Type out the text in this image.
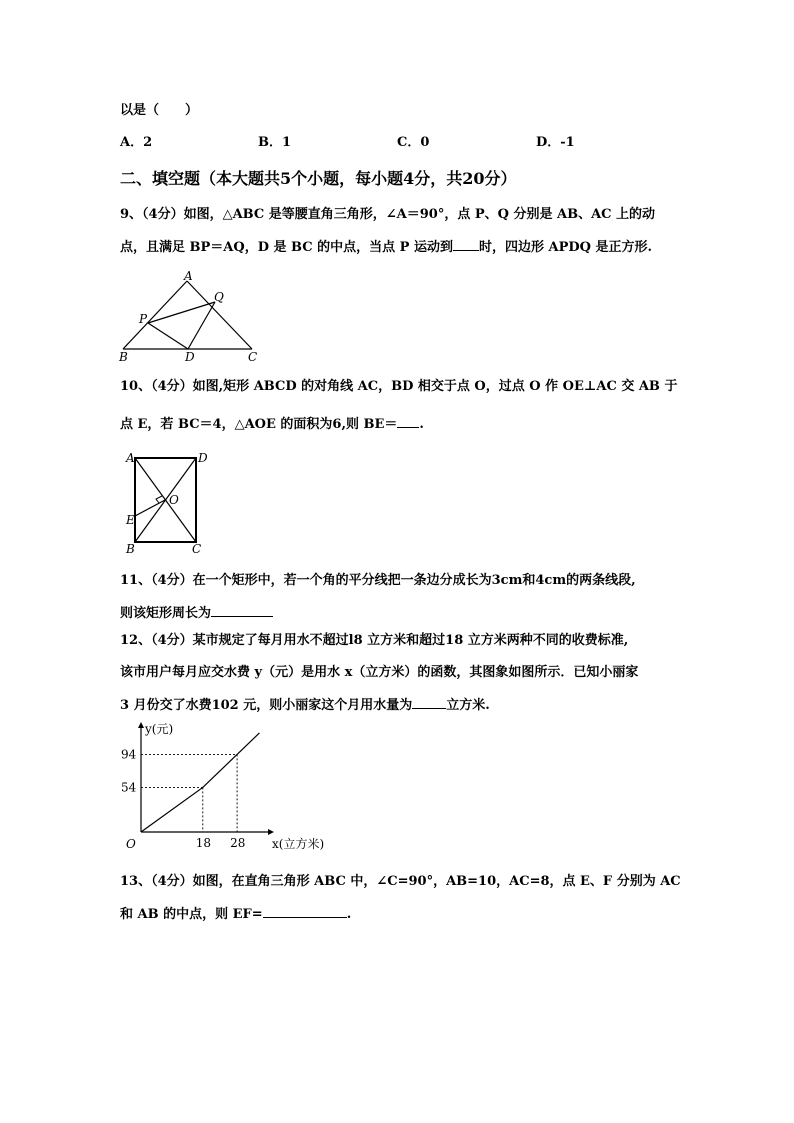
以是（　　）
A．2	B．1	C．0	D．-1
二、填空题（本大题共5个小题，每小题4分，共20分）
9、（4分）如图，△ABC 是等腰直角三角形，∠A＝90°，点 P、Q 分别是 AB、AC 上的动
点，且满足 BP＝AQ，D 是 BC 的中点，当点 P 运动到 时，四边形 APDQ 是正方形.
A
Q
P
B	D	C
10、（4分）如图,矩形 ABCD 的对角线 AC，BD 相交于点 O，过点 O 作 OE⊥AC 交 AB 于
点 E，若 BC＝4，△AOE 的面积为6,则 BE＝ .
A	D
O
E
B	C
11、（4分）在一个矩形中，若一个角的平分线把一条边分成长为3cm和4cm的两条线段,
则该矩形周长为
12、（4分）某市规定了每月用水不超过l8 立方米和超过18 立方米两种不同的收费标准,
该市用户每月应交水费 y（元）是用水 x（立方米）的函数，其图象如图所示．已知小丽家
3 月份交了水费102 元，则小丽家这个月用水量为	立方米.
18 28
54
94
y(元)
x(立方米)
O
13、（4分）如图，在直角三角形 ABC 中，∠C=90°，AB=10，AC=8，点 E、F 分别为 AC
和 AB 的中点，则 EF=	.
